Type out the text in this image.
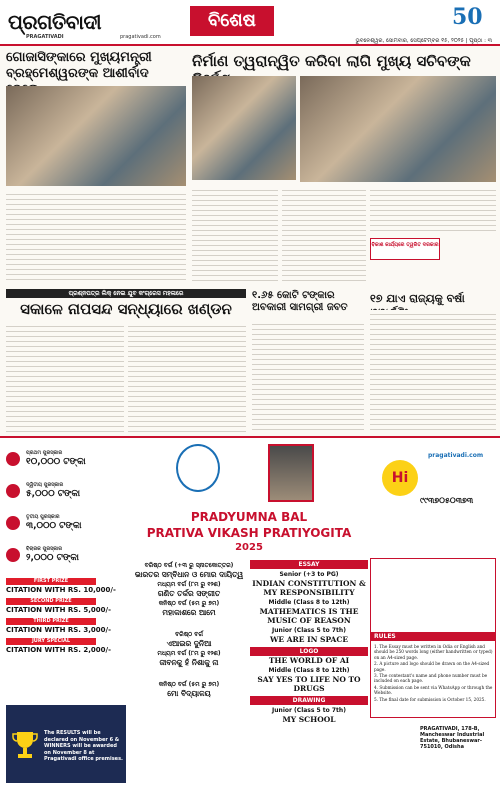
ପ୍ରଗତିବାଦୀ
PRAGATIVADI	pragativadi.com
ବିଶେଷ	50
ଭୁବନେଶ୍ୱର, ସୋମବାର, ସେପ୍ଟେମ୍ବର ୧୫, ୨୦୨୫ | ପୃଷ୍ଠା : ୩
ଗୋଜାସିଙ୍କାରେ ମୁଖ୍ୟମନ୍ତ୍ରୀ
ବ୍ରହ୍ମେଶ୍ୱରଙ୍କ ଆଶୀର୍ବାଦ
ନିର୍ମାଣ ତ୍ୱରାନ୍ୱିତ କରିବା ଲାଗି ମୁଖ୍ୟ ସଚିବଙ୍କ
ବିକାଶ କାର୍ଯ୍ୟରେ ତ୍ୱରିତ ଦରକାର
ପ୍ରଶ୍ନପତ୍ର ଲିକ୍ ନେଇ ଯୁବ କଂଗ୍ରେସ ମହଳାରେ
ସକାଳେ ନାପସନ୍ଦ ସନ୍ଧ୍ୟାରେ ଖଣ୍ଡନ
୧.୬୫ କୋଟି ଟଙ୍କାର ଅବକାରୀ ସାମଗ୍ରୀ ଜବତ
୧୭ ଯାଏ ରାଜ୍ୟକୁ ବର୍ଷା
ପ୍ରଥମ ପୁରସ୍କାର
୧୦,୦୦୦ ଟଙ୍କା
ଦ୍ୱିତୀୟ ପୁରସ୍କାର
୫,୦୦୦ ଟଙ୍କା
ତୃତୀୟ ପୁରସ୍କାର
୩,୦୦୦ ଟଙ୍କା
ବିଚାରକ ପୁରସ୍କାର
୨,୦୦୦ ଟଙ୍କା
FIRST PRIZE
CITATION WITH RS. 10,000/-
SECOND PRIZE
CITATION WITH RS. 5,000/-
THIRD PRIZE
CITATION WITH RS. 3,000/-
JURY SPECIAL
CITATION WITH RS. 2,000/-
The RESULTS will be declared on November 6 & WINNERS will be awarded on November 8 at Pragativadi office premises.
PRADYUMNA BAL
PRATIVA VIKASH PRATIYOGITA
2025
Hi
pragativadi.com
୯୯୩୭୦୫୦୩୭୩
ବରିଷ୍ଠ ବର୍ଗ (+୩ ରୁ ସ୍ନାତକୋତ୍ତର)
ଭାରତର ସମ୍ବିଧାନ ଓ ମୋର ଦାୟିତ୍ୱ
ମଧ୍ୟମ ବର୍ଗ (୮ମ ରୁ ୧୨ଶ)
ଗଣିତ ତର୍କର ସଙ୍ଗୀତ
କନିଷ୍ଠ ବର୍ଗ (୫ମ ରୁ ୭ମ)
ମହାକାଶରେ ଆମେ
ବରିଷ୍ଠ ବର୍ଗ
ଏଆଇର ଦୁନିଆ
ମଧ୍ୟମ ବର୍ଗ (୮ମ ରୁ ୧୨ଶ)
ଜୀବନକୁ ହଁ ନିଶାକୁ ନା
କନିଷ୍ଠ ବର୍ଗ (୫ମ ରୁ ୭ମ)
ମୋ ବିଦ୍ୟାଳୟ
ESSAY
Senior (+3 to PG)
INDIAN CONSTITUTION & MY RESPONSIBILITY
Middle (Class 8 to 12th)
MATHEMATICS IS THE MUSIC OF REASON
Junior (Class 5 to 7th)
WE ARE IN SPACE
LOGO
THE WORLD OF AI
Middle (Class 8 to 12th)
SAY YES TO LIFE NO TO DRUGS
DRAWING
Junior (Class 5 to 7th)
MY SCHOOL
RULES
1. The Essay must be written in Odia or English and should be 250 words long (either handwritten or typed) on an A4-sized page.
2. A picture and logo should be drawn on the A4-sized page.
3. The contestant's name and phone number must be included on each page.
4. Submission can be sent via WhatsApp or through the Website.
5. The final date for submission is October 15, 2025.
PRAGATIVADI, 178-B, Mancheswar Industrial Estate, Bhubaneswar-751010, Odisha
